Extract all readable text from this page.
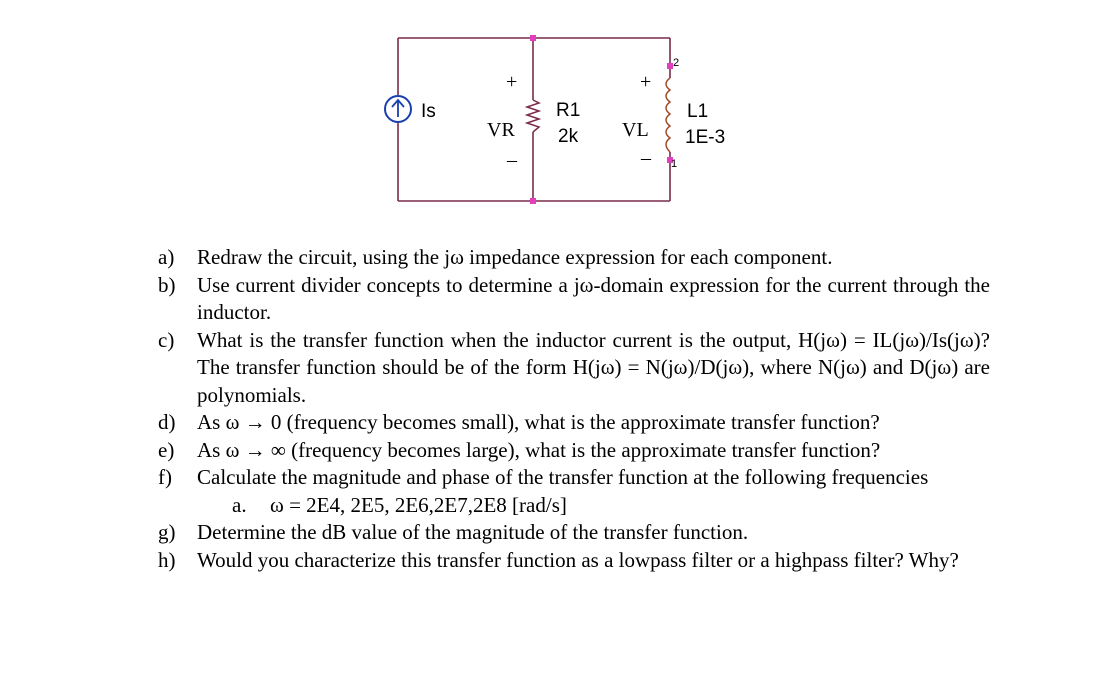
Is
+
VR
–
R1
2k
+
VL
–
L1
1E-3
2
1
a) Redraw the circuit, using the jω impedance expression for each component.
b) Use current divider concepts to determine a jω-domain expression for the current through the inductor.
c) What is the transfer function when the inductor current is the output, H(jω) = IL(jω)/Is(jω)? The transfer function should be of the form H(jω) = N(jω)/D(jω), where N(jω) and D(jω) are polynomials.
d) As ω → 0 (frequency becomes small), what is the approximate transfer function?
e) As ω → ∞ (frequency becomes large), what is the approximate transfer function?
f) Calculate the magnitude and phase of the transfer function at the following frequencies
a. ω = 2E4, 2E5, 2E6,2E7,2E8 [rad/s]
g) Determine the dB value of the magnitude of the transfer function.
h) Would you characterize this transfer function as a lowpass filter or a highpass filter? Why?
